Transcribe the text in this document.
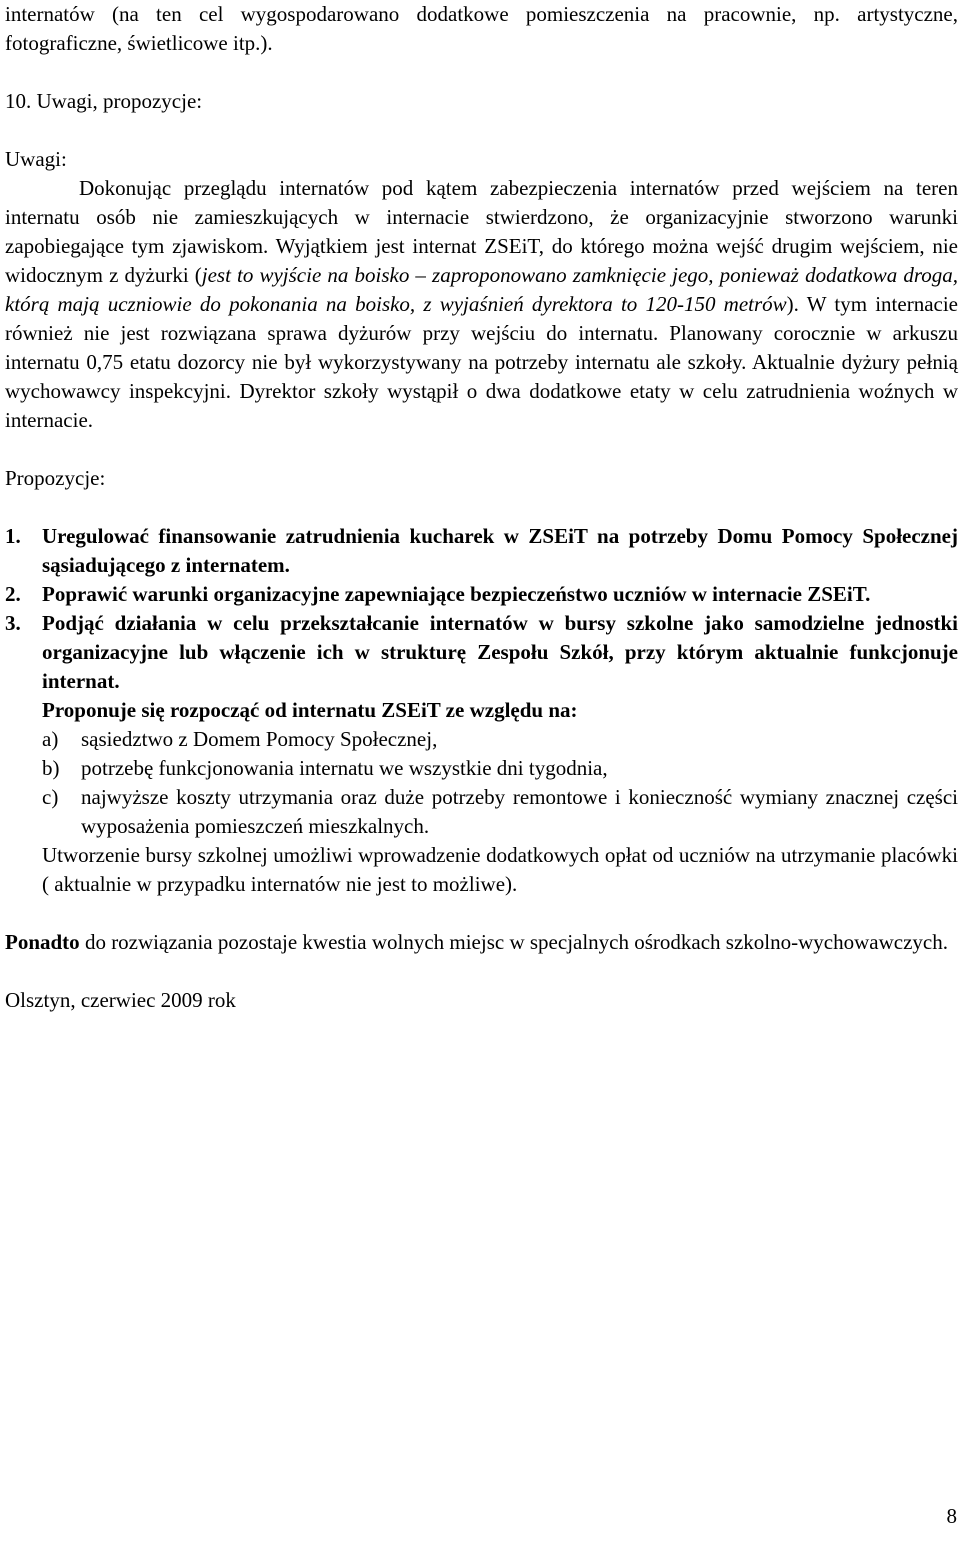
internatów (na ten cel wygospodarowano dodatkowe pomieszczenia na pracownie, np. artystyczne, fotograficzne, świetlicowe itp.).

10. Uwagi, propozycje:

Uwagi:

Dokonując przeglądu internatów pod kątem zabezpieczenia internatów przed wejściem na teren internatu osób nie zamieszkujących w internacie stwierdzono, że organizacyjnie stworzono warunki zapobiegające tym zjawiskom. Wyjątkiem jest internat ZSEiT, do którego można wejść drugim wejściem, nie widocznym z dyżurki (jest to wyjście na boisko – zaproponowano zamknięcie jego, ponieważ dodatkowa droga, którą mają uczniowie do pokonania na boisko, z wyjaśnień dyrektora to 120-150 metrów). W tym internacie również nie jest rozwiązana sprawa dyżurów przy wejściu do internatu. Planowany corocznie w arkuszu internatu 0,75 etatu dozorcy nie był wykorzystywany na potrzeby internatu ale szkoły. Aktualnie dyżury pełnią wychowawcy inspekcyjni. Dyrektor szkoły wystąpił o dwa dodatkowe etaty w celu zatrudnienia woźnych w internacie.

Propozycje:

1. Uregulować finansowanie zatrudnienia kucharek w ZSEiT na potrzeby Domu Pomocy Społecznej sąsiadującego z internatem.
2. Poprawić warunki organizacyjne zapewniające bezpieczeństwo uczniów w internacie ZSEiT.
3. Podjąć działania w celu przekształcanie internatów w bursy szkolne jako samodzielne jednostki organizacyjne lub włączenie ich w strukturę Zespołu Szkół, przy którym aktualnie funkcjonuje internat.

Proponuje się rozpocząć od internatu ZSEiT ze względu na:

a) sąsiedztwo z Domem Pomocy Społecznej,
b) potrzebę funkcjonowania internatu we wszystkie dni tygodnia,
c) najwyższe koszty utrzymania oraz duże potrzeby remontowe i konieczność wymiany znacznej części wyposażenia pomieszczeń mieszkalnych.

Utworzenie bursy szkolnej umożliwi wprowadzenie dodatkowych opłat od uczniów na utrzymanie placówki ( aktualnie w przypadku internatów nie jest to możliwe).

Ponadto do rozwiązania pozostaje kwestia wolnych miejsc w specjalnych ośrodkach szkolno-wychowawczych.

Olsztyn, czerwiec 2009 rok

8
